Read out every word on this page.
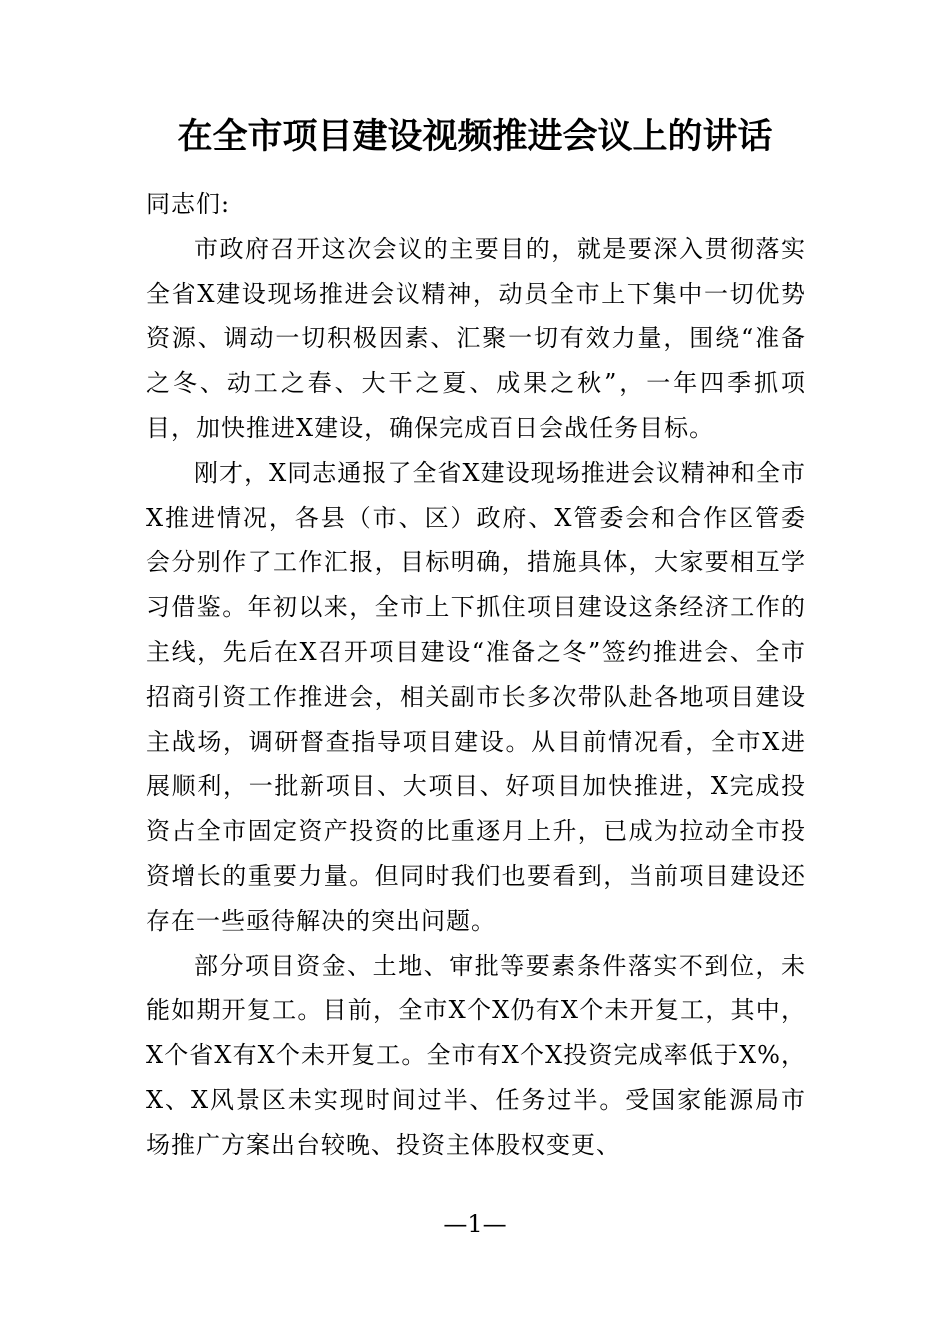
在全市项目建设视频推进会议上的讲话

同志们:

市政府召开这次会议的主要目的，就是要深入贯彻落实全省X建设现场推进会议精神，动员全市上下集中一切优势资源、调动一切积极因素、汇聚一切有效力量，围绕“准备之冬、动工之春、大干之夏、成果之秋”，一年四季抓项目，加快推进X建设，确保完成百日会战任务目标。

刚才，X同志通报了全省X建设现场推进会议精神和全市X推进情况，各县（市、区）政府、X管委会和合作区管委会分别作了工作汇报，目标明确，措施具体，大家要相互学习借鉴。年初以来，全市上下抓住项目建设这条经济工作的主线，先后在X召开项目建设“准备之冬”签约推进会、全市招商引资工作推进会，相关副市长多次带队赴各地项目建设主战场，调研督查指导项目建设。从目前情况看，全市X进展顺利，一批新项目、大项目、好项目加快推进，X完成投资占全市固定资产投资的比重逐月上升，已成为拉动全市投资增长的重要力量。但同时我们也要看到，当前项目建设还存在一些亟待解决的突出问题。

部分项目资金、土地、审批等要素条件落实不到位，未能如期开复工。目前，全市X个X仍有X个未开复工，其中，X个省X有X个未开复工。全市有X个X投资完成率低于X%，X、X风景区未实现时间过半、任务过半。受国家能源局市场推广方案出台较晚、投资主体股权变更、

—1—
